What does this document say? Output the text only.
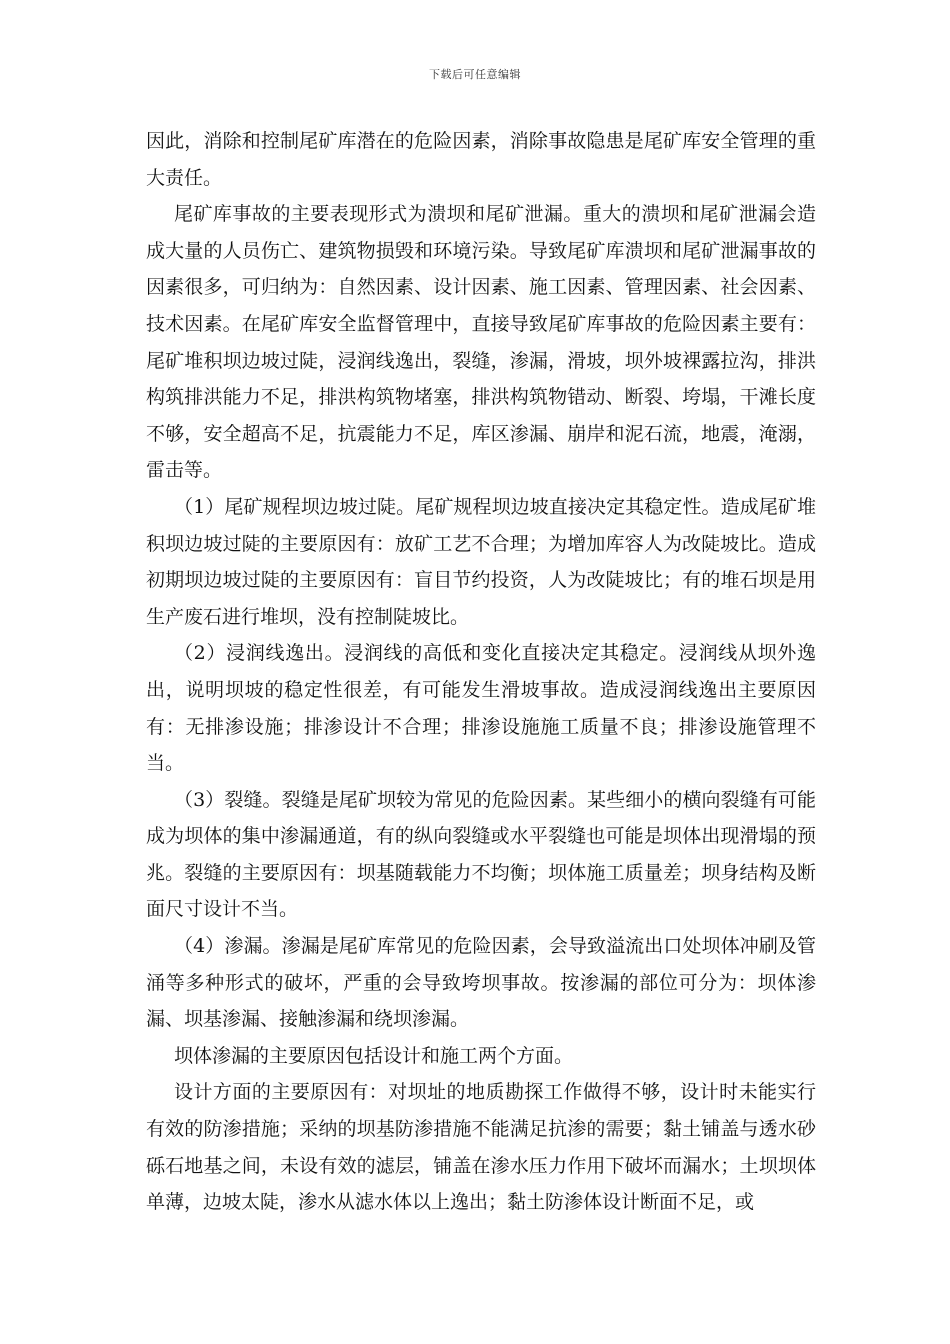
下载后可任意编辑

因此，消除和控制尾矿库潜在的危险因素，消除事故隐患是尾矿库安全管理的重大责任。

尾矿库事故的主要表现形式为溃坝和尾矿泄漏。重大的溃坝和尾矿泄漏会造成大量的人员伤亡、建筑物损毁和环境污染。导致尾矿库溃坝和尾矿泄漏事故的因素很多，可归纳为：自然因素、设计因素、施工因素、管理因素、社会因素、技术因素。在尾矿库安全监督管理中，直接导致尾矿库事故的危险因素主要有：尾矿堆积坝边坡过陡，浸润线逸出，裂缝，渗漏，滑坡，坝外坡裸露拉沟，排洪构筑排洪能力不足，排洪构筑物堵塞，排洪构筑物错动、断裂、垮塌，干滩长度不够，安全超高不足，抗震能力不足，库区渗漏、崩岸和泥石流，地震，淹溺，雷击等。

（1）尾矿规程坝边坡过陡。尾矿规程坝边坡直接决定其稳定性。造成尾矿堆积坝边坡过陡的主要原因有：放矿工艺不合理；为增加库容人为改陡坡比。造成初期坝边坡过陡的主要原因有：盲目节约投资，人为改陡坡比；有的堆石坝是用生产废石进行堆坝，没有控制陡坡比。

（2）浸润线逸出。浸润线的高低和变化直接决定其稳定。浸润线从坝外逸出，说明坝坡的稳定性很差，有可能发生滑坡事故。造成浸润线逸出主要原因有：无排渗设施；排渗设计不合理；排渗设施施工质量不良；排渗设施管理不当。

（3）裂缝。裂缝是尾矿坝较为常见的危险因素。某些细小的横向裂缝有可能成为坝体的集中渗漏通道，有的纵向裂缝或水平裂缝也可能是坝体出现滑塌的预兆。裂缝的主要原因有：坝基随载能力不均衡；坝体施工质量差；坝身结构及断面尺寸设计不当。

（4）渗漏。渗漏是尾矿库常见的危险因素，会导致溢流出口处坝体冲刷及管涌等多种形式的破坏，严重的会导致垮坝事故。按渗漏的部位可分为：坝体渗漏、坝基渗漏、接触渗漏和绕坝渗漏。

坝体渗漏的主要原因包括设计和施工两个方面。

设计方面的主要原因有：对坝址的地质勘探工作做得不够，设计时未能实行有效的防渗措施；采纳的坝基防渗措施不能满足抗渗的需要；黏土铺盖与透水砂砾石地基之间，未设有效的滤层，铺盖在渗水压力作用下破坏而漏水；土坝坝体单薄，边坡太陡，渗水从滤水体以上逸出；黏土防渗体设计断面不足，或
